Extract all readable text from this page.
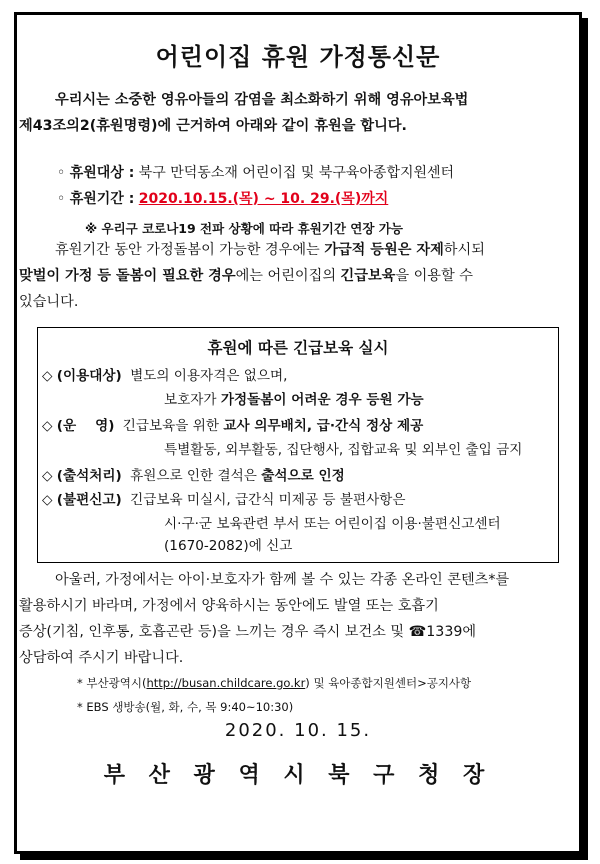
어린이집 휴원 가정통신문
우리시는 소중한 영유아들의 감염을 최소화하기 위해 영유아보육법
제43조의2(휴원명령)에 근거하여 아래와 같이 휴원을 합니다.
◦ 휴원대상 : 북구 만덕동소재 어린이집 및 북구육아종합지원센터
◦ 휴원기간 : 2020.10.15.(목) ~ 10. 29.(목)까지
※ 우리구 코로나19 전파 상황에 따라 휴원기간 연장 가능
휴원기간 동안 가정돌봄이 가능한 경우에는 가급적 등원은 자제하시되
맞벌이 가정 등 돌봄이 필요한 경우에는 어린이집의 긴급보육을 이용할 수
있습니다.
휴원에 따른 긴급보육 실시
◇ (이용대상) 별도의 이용자격은 없으며,
보호자가 가정돌봄이 어려운 경우 등원 가능
◇ (운    영) 긴급보육을 위한 교사 의무배치, 급·간식 정상 제공
특별활동, 외부활동, 집단행사, 집합교육 및 외부인 출입 금지
◇ (출석처리) 휴원으로 인한 결석은 출석으로 인정
◇ (불편신고) 긴급보육 미실시, 급간식 미제공 등 불편사항은
시·구·군 보육관련 부서 또는 어린이집 이용·불편신고센터
(1670-2082)에 신고
아울러, 가정에서는 아이·보호자가 함께 볼 수 있는 각종 온라인 콘텐츠*를
활용하시기 바라며, 가정에서 양육하시는 동안에도 발열 또는 호흡기
증상(기침, 인후통, 호흡곤란 등)을 느끼는 경우 즉시 보건소 및 ☎1339에
상담하여 주시기 바랍니다.
* 부산광역시(http://busan.childcare.go.kr) 및 육아종합지원센터>공지사항
* EBS 생방송(월, 화, 수, 목 9:40~10:30)
2020. 10. 15.
부 산 광 역 시 북 구 청 장
